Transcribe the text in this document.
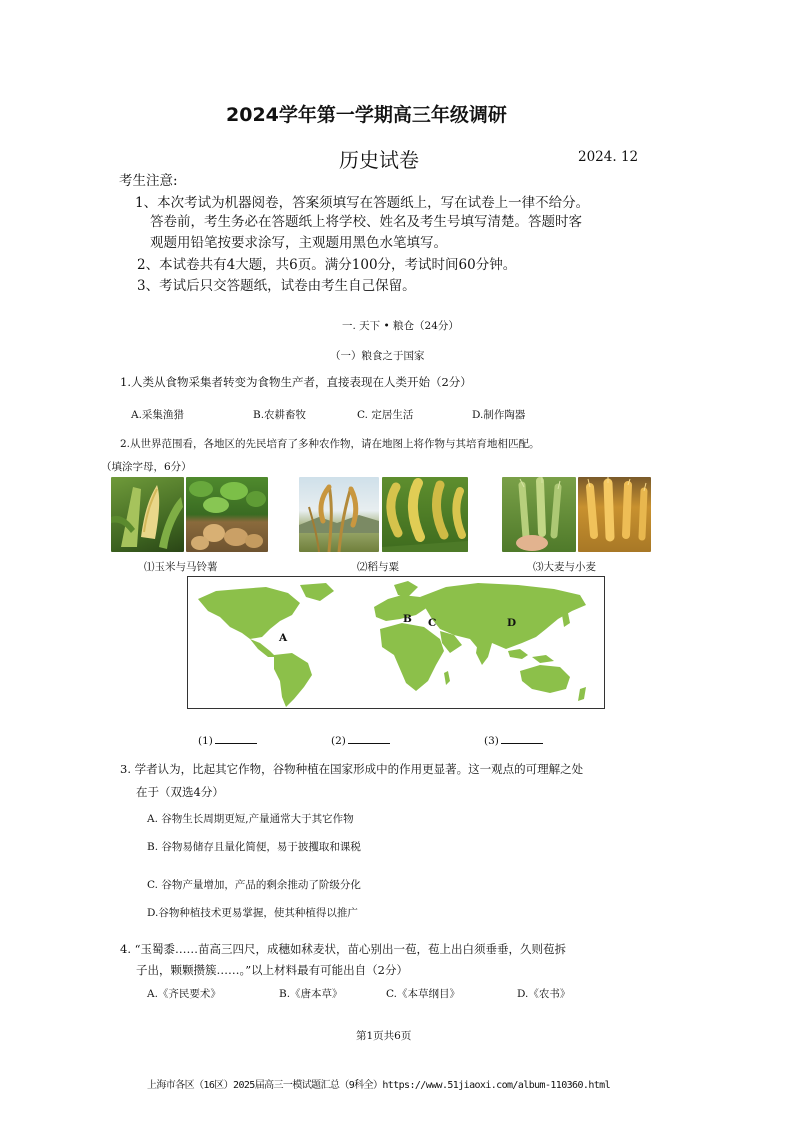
2024学年第一学期高三年级调研
历史试卷	2024. 12
考生注意:
1、本次考试为机器阅卷，答案须填写在答题纸上，写在试卷上一律不给分。
答卷前，考生务必在答题纸上将学校、姓名及考生号填写清楚。答题时客
观题用铅笔按要求涂写，主观题用黑色水笔填写。
2、本试卷共有4大题，共6页。满分100分，考试时间60分钟。
3、考试后只交答题纸，试卷由考生自己保留。
一. 天下 • 粮仓（24分）
（一）粮食之于国家
1.人类从食物采集者转变为食物生产者，直接表现在人类开始（2分）
A.采集渔猎	B.农耕畜牧	C. 定居生活	D.制作陶器
2.从世界范围看，各地区的先民培育了多种农作物，请在地图上将作物与其培育地相匹配。
（填涂字母，6分）
⑴玉米与马铃薯	⑵稻与粟	⑶大麦与小麦
A
B C	D
(1)	(2)	(3)
3. 学者认为，比起其它作物，谷物种植在国家形成中的作用更显著。这一观点的可理解之处
在于（双选4分）
A. 谷物生长周期更短,产量通常大于其它作物
B. 谷物易储存且量化简便，易于披攫取和课税
C. 谷物产量增加，产品的剩余推动了阶级分化
D.谷物种植技术更易掌握，使其种植得以推广
4. “玉蜀黍……苗高三四尺，成穗如秫麦状，苗心别出一苞，苞上出白须垂垂，久则苞拆
子出，颗颗攒簇……。”以上材料最有可能出自（2分）
A.《齐民要术》	B.《唐本草》	C.《本草纲目》	D.《农书》
第1页共6页
上海市各区（16区）2025届高三一模试题汇总（9科全）https://www.51jiaoxi.com/album-110360.html
